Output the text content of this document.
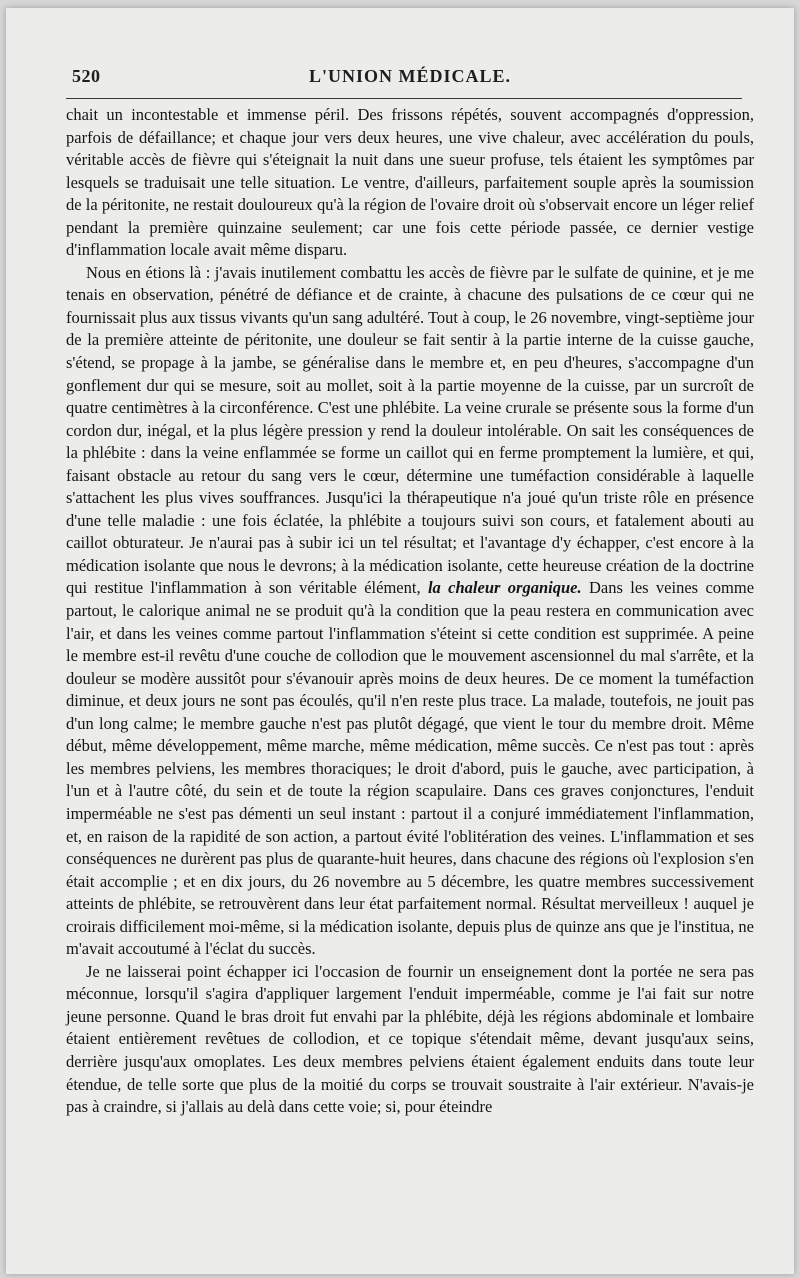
520	L'UNION MÉDICALE.

chait un incontestable et immense péril. Des frissons répétés, souvent accompagnés d'oppression, parfois de défaillance; et chaque jour vers deux heures, une vive chaleur, avec accélération du pouls, véritable accès de fièvre qui s'éteignait la nuit dans une sueur profuse, tels étaient les symptômes par lesquels se traduisait une telle situation. Le ventre, d'ailleurs, parfaitement souple après la soumission de la péritonite, ne restait douloureux qu'à la région de l'ovaire droit où s'observait encore un léger relief pendant la première quinzaine seulement; car une fois cette période passée, ce dernier vestige d'inflammation locale avait même disparu.

Nous en étions là : j'avais inutilement combattu les accès de fièvre par le sulfate de quinine, et je me tenais en observation, pénétré de défiance et de crainte, à chacune des pulsations de ce cœur qui ne fournissait plus aux tissus vivants qu'un sang adultéré. Tout à coup, le 26 novembre, vingt-septième jour de la première atteinte de péritonite, une douleur se fait sentir à la partie interne de la cuisse gauche, s'étend, se propage à la jambe, se généralise dans le membre et, en peu d'heures, s'accompagne d'un gonflement dur qui se mesure, soit au mollet, soit à la partie moyenne de la cuisse, par un surcroît de quatre centimètres à la circonférence. C'est une phlébite. La veine crurale se présente sous la forme d'un cordon dur, inégal, et la plus légère pression y rend la douleur intolérable. On sait les conséquences de la phlébite : dans la veine enflammée se forme un caillot qui en ferme promptement la lumière, et qui, faisant obstacle au retour du sang vers le cœur, détermine une tuméfaction considérable à laquelle s'attachent les plus vives souffrances. Jusqu'ici la thérapeutique n'a joué qu'un triste rôle en présence d'une telle maladie : une fois éclatée, la phlébite a toujours suivi son cours, et fatalement abouti au caillot obturateur. Je n'aurai pas à subir ici un tel résultat; et l'avantage d'y échapper, c'est encore à la médication isolante que nous le devrons; à la médication isolante, cette heureuse création de la doctrine qui restitue l'inflammation à son véritable élément, la chaleur organique. Dans les veines comme partout, le calorique animal ne se produit qu'à la condition que la peau restera en communication avec l'air, et dans les veines comme partout l'inflammation s'éteint si cette condition est supprimée. A peine le membre est-il revêtu d'une couche de collodion que le mouvement ascensionnel du mal s'arrête, et la douleur se modère aussitôt pour s'évanouir après moins de deux heures. De ce moment la tuméfaction diminue, et deux jours ne sont pas écoulés, qu'il n'en reste plus trace. La malade, toutefois, ne jouit pas d'un long calme; le membre gauche n'est pas plutôt dégagé, que vient le tour du membre droit. Même début, même développement, même marche, même médication, même succès. Ce n'est pas tout : après les membres pelviens, les membres thoraciques; le droit d'abord, puis le gauche, avec participation, à l'un et à l'autre côté, du sein et de toute la région scapulaire. Dans ces graves conjonctures, l'enduit imperméable ne s'est pas démenti un seul instant : partout il a conjuré immédiatement l'inflammation, et, en raison de la rapidité de son action, a partout évité l'oblitération des veines. L'inflammation et ses conséquences ne durèrent pas plus de quarante-huit heures, dans chacune des régions où l'explosion s'en était accomplie ; et en dix jours, du 26 novembre au 5 décembre, les quatre membres successivement atteints de phlébite, se retrouvèrent dans leur état parfaitement normal. Résultat merveilleux ! auquel je croirais difficilement moi-même, si la médication isolante, depuis plus de quinze ans que je l'institua, ne m'avait accoutumé à l'éclat du succès.

Je ne laisserai point échapper ici l'occasion de fournir un enseignement dont la portée ne sera pas méconnue, lorsqu'il s'agira d'appliquer largement l'enduit imperméable, comme je l'ai fait sur notre jeune personne. Quand le bras droit fut envahi par la phlébite, déjà les régions abdominale et lombaire étaient entièrement revêtues de collodion, et ce topique s'étendait même, devant jusqu'aux seins, derrière jusqu'aux omoplates. Les deux membres pelviens étaient également enduits dans toute leur étendue, de telle sorte que plus de la moitié du corps se trouvait soustraite à l'air extérieur. N'avais-je pas à craindre, si j'allais au delà dans cette voie; si, pour éteindre
